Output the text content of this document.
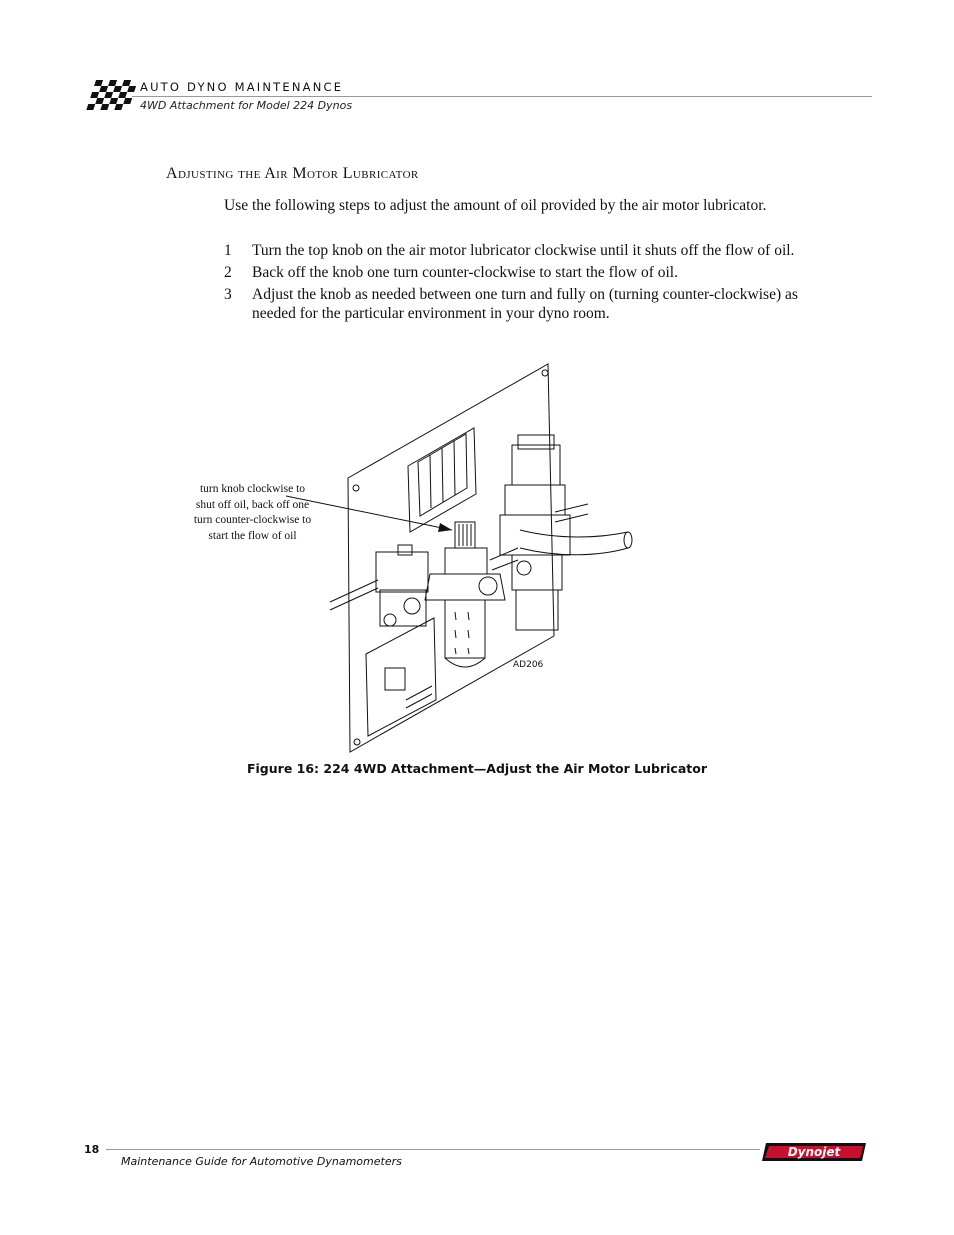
AUTO DYNO MAINTENANCE
4WD Attachment for Model 224 Dynos
Adjusting the Air Motor Lubricator
Use the following steps to adjust the amount of oil provided by the air motor lubricator.
1	Turn the top knob on the air motor lubricator clockwise until it shuts off the flow of oil.
2	Back off the knob one turn counter-clockwise to start the flow of oil.
3	Adjust the knob as needed between one turn and fully on (turning counter-clockwise) as needed for the particular environment in your dyno room.
turn knob clockwise to shut off oil, back off one turn counter-clockwise to start the flow of oil
AD206
Figure 16: 224 4WD Attachment—Adjust the Air Motor Lubricator
18
Maintenance Guide for Automotive Dynamometers
Dynojet
